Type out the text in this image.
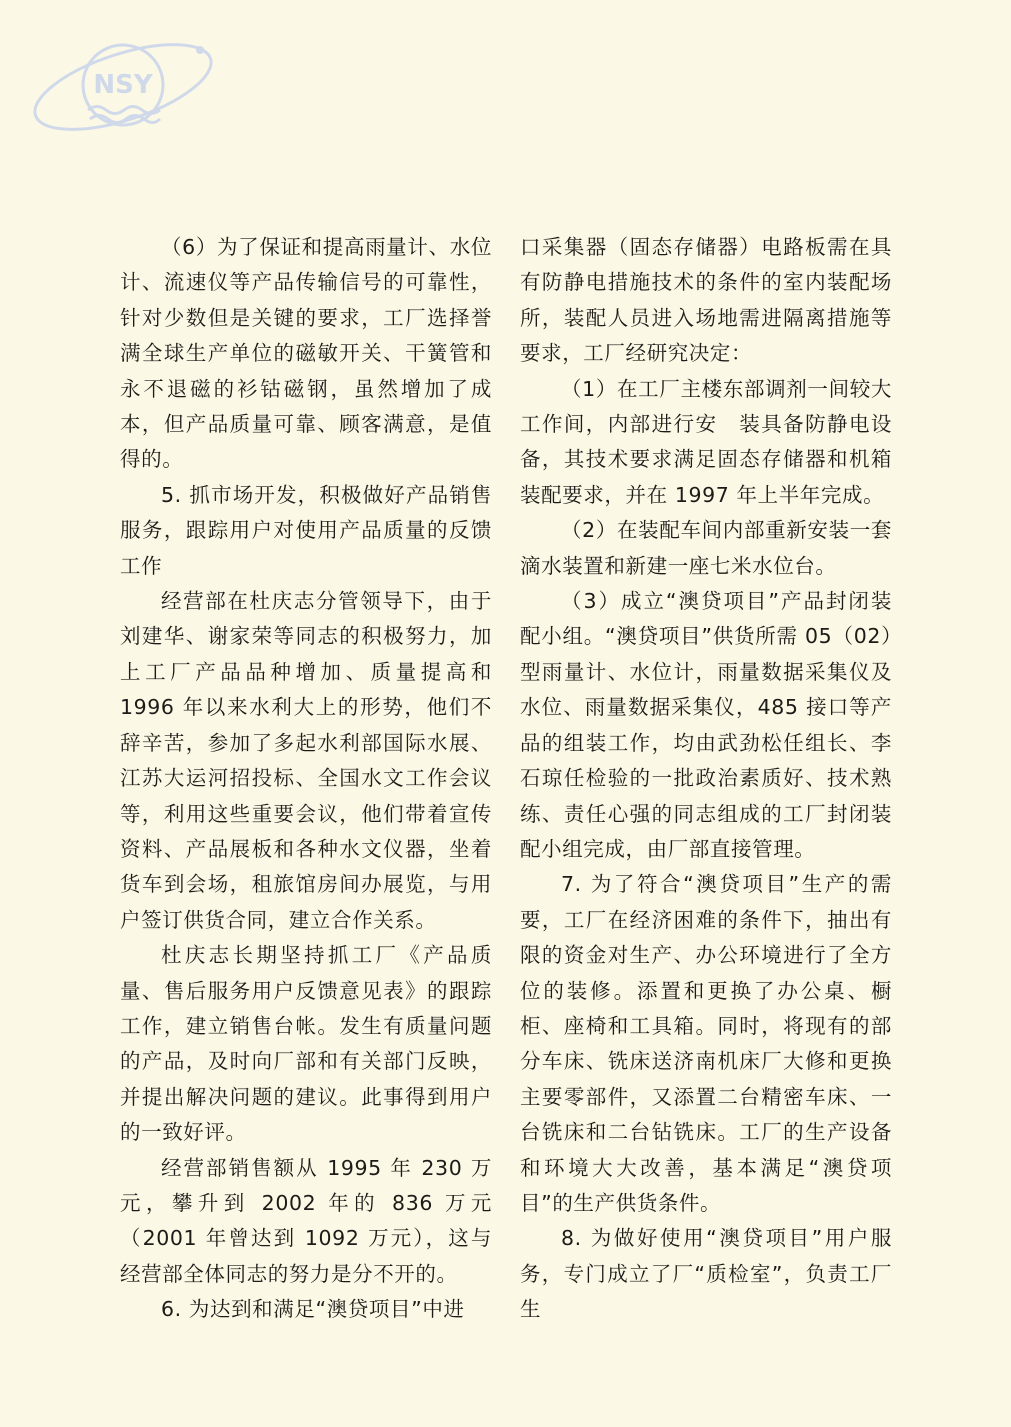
NSY

（6）为了保证和提高雨量计、水位计、流速仪等产品传输信号的可靠性，针对少数但是关键的要求，工厂选择誉满全球生产单位的磁敏开关、干簧管和永不退磁的衫钴磁钢，虽然增加了成本，但产品质量可靠、顾客满意，是值得的。

5. 抓市场开发，积极做好产品销售服务，跟踪用户对使用产品质量的反馈工作

经营部在杜庆志分管领导下，由于刘建华、谢家荣等同志的积极努力，加上工厂产品品种增加、质量提高和 1996 年以来水利大上的形势，他们不辞辛苦，参加了多起水利部国际水展、江苏大运河招投标、全国水文工作会议等，利用这些重要会议，他们带着宣传资料、产品展板和各种水文仪器，坐着货车到会场，租旅馆房间办展览，与用户签订供货合同，建立合作关系。

杜庆志长期坚持抓工厂《产品质量、售后服务用户反馈意见表》的跟踪工作，建立销售台帐。发生有质量问题的产品，及时向厂部和有关部门反映，并提出解决问题的建议。此事得到用户的一致好评。

经营部销售额从 1995 年 230 万元，攀升到 2002 年的 836 万元（2001 年曾达到 1092 万元），这与经营部全体同志的努力是分不开的。

6. 为达到和满足“澳贷项目”中进

口采集器（固态存储器）电路板需在具有防静电措施技术的条件的室内装配场所，装配人员进入场地需进隔离措施等要求，工厂经研究决定：

（1）在工厂主楼东部调剂一间较大工作间，内部进行安　装具备防静电设备，其技术要求满足固态存储器和机箱装配要求，并在 1997 年上半年完成。

（2）在装配车间内部重新安装一套滴水装置和新建一座七米水位台。

（3）成立“澳贷项目”产品封闭装配小组。“澳贷项目”供货所需 05（02）型雨量计、水位计，雨量数据采集仪及水位、雨量数据采集仪，485 接口等产品的组装工作，均由武劲松任组长、李石琼任检验的一批政治素质好、技术熟练、责任心强的同志组成的工厂封闭装配小组完成，由厂部直接管理。

7. 为了符合“澳贷项目”生产的需要，工厂在经济困难的条件下，抽出有限的资金对生产、办公环境进行了全方位的装修。添置和更换了办公桌、橱柜、座椅和工具箱。同时，将现有的部分车床、铣床送济南机床厂大修和更换主要零部件，又添置二台精密车床、一台铣床和二台钻铣床。工厂的生产设备和环境大大改善，基本满足“澳贷项目”的生产供货条件。

8. 为做好使用“澳贷项目”用户服务，专门成立了厂“质检室”，负责工厂生
